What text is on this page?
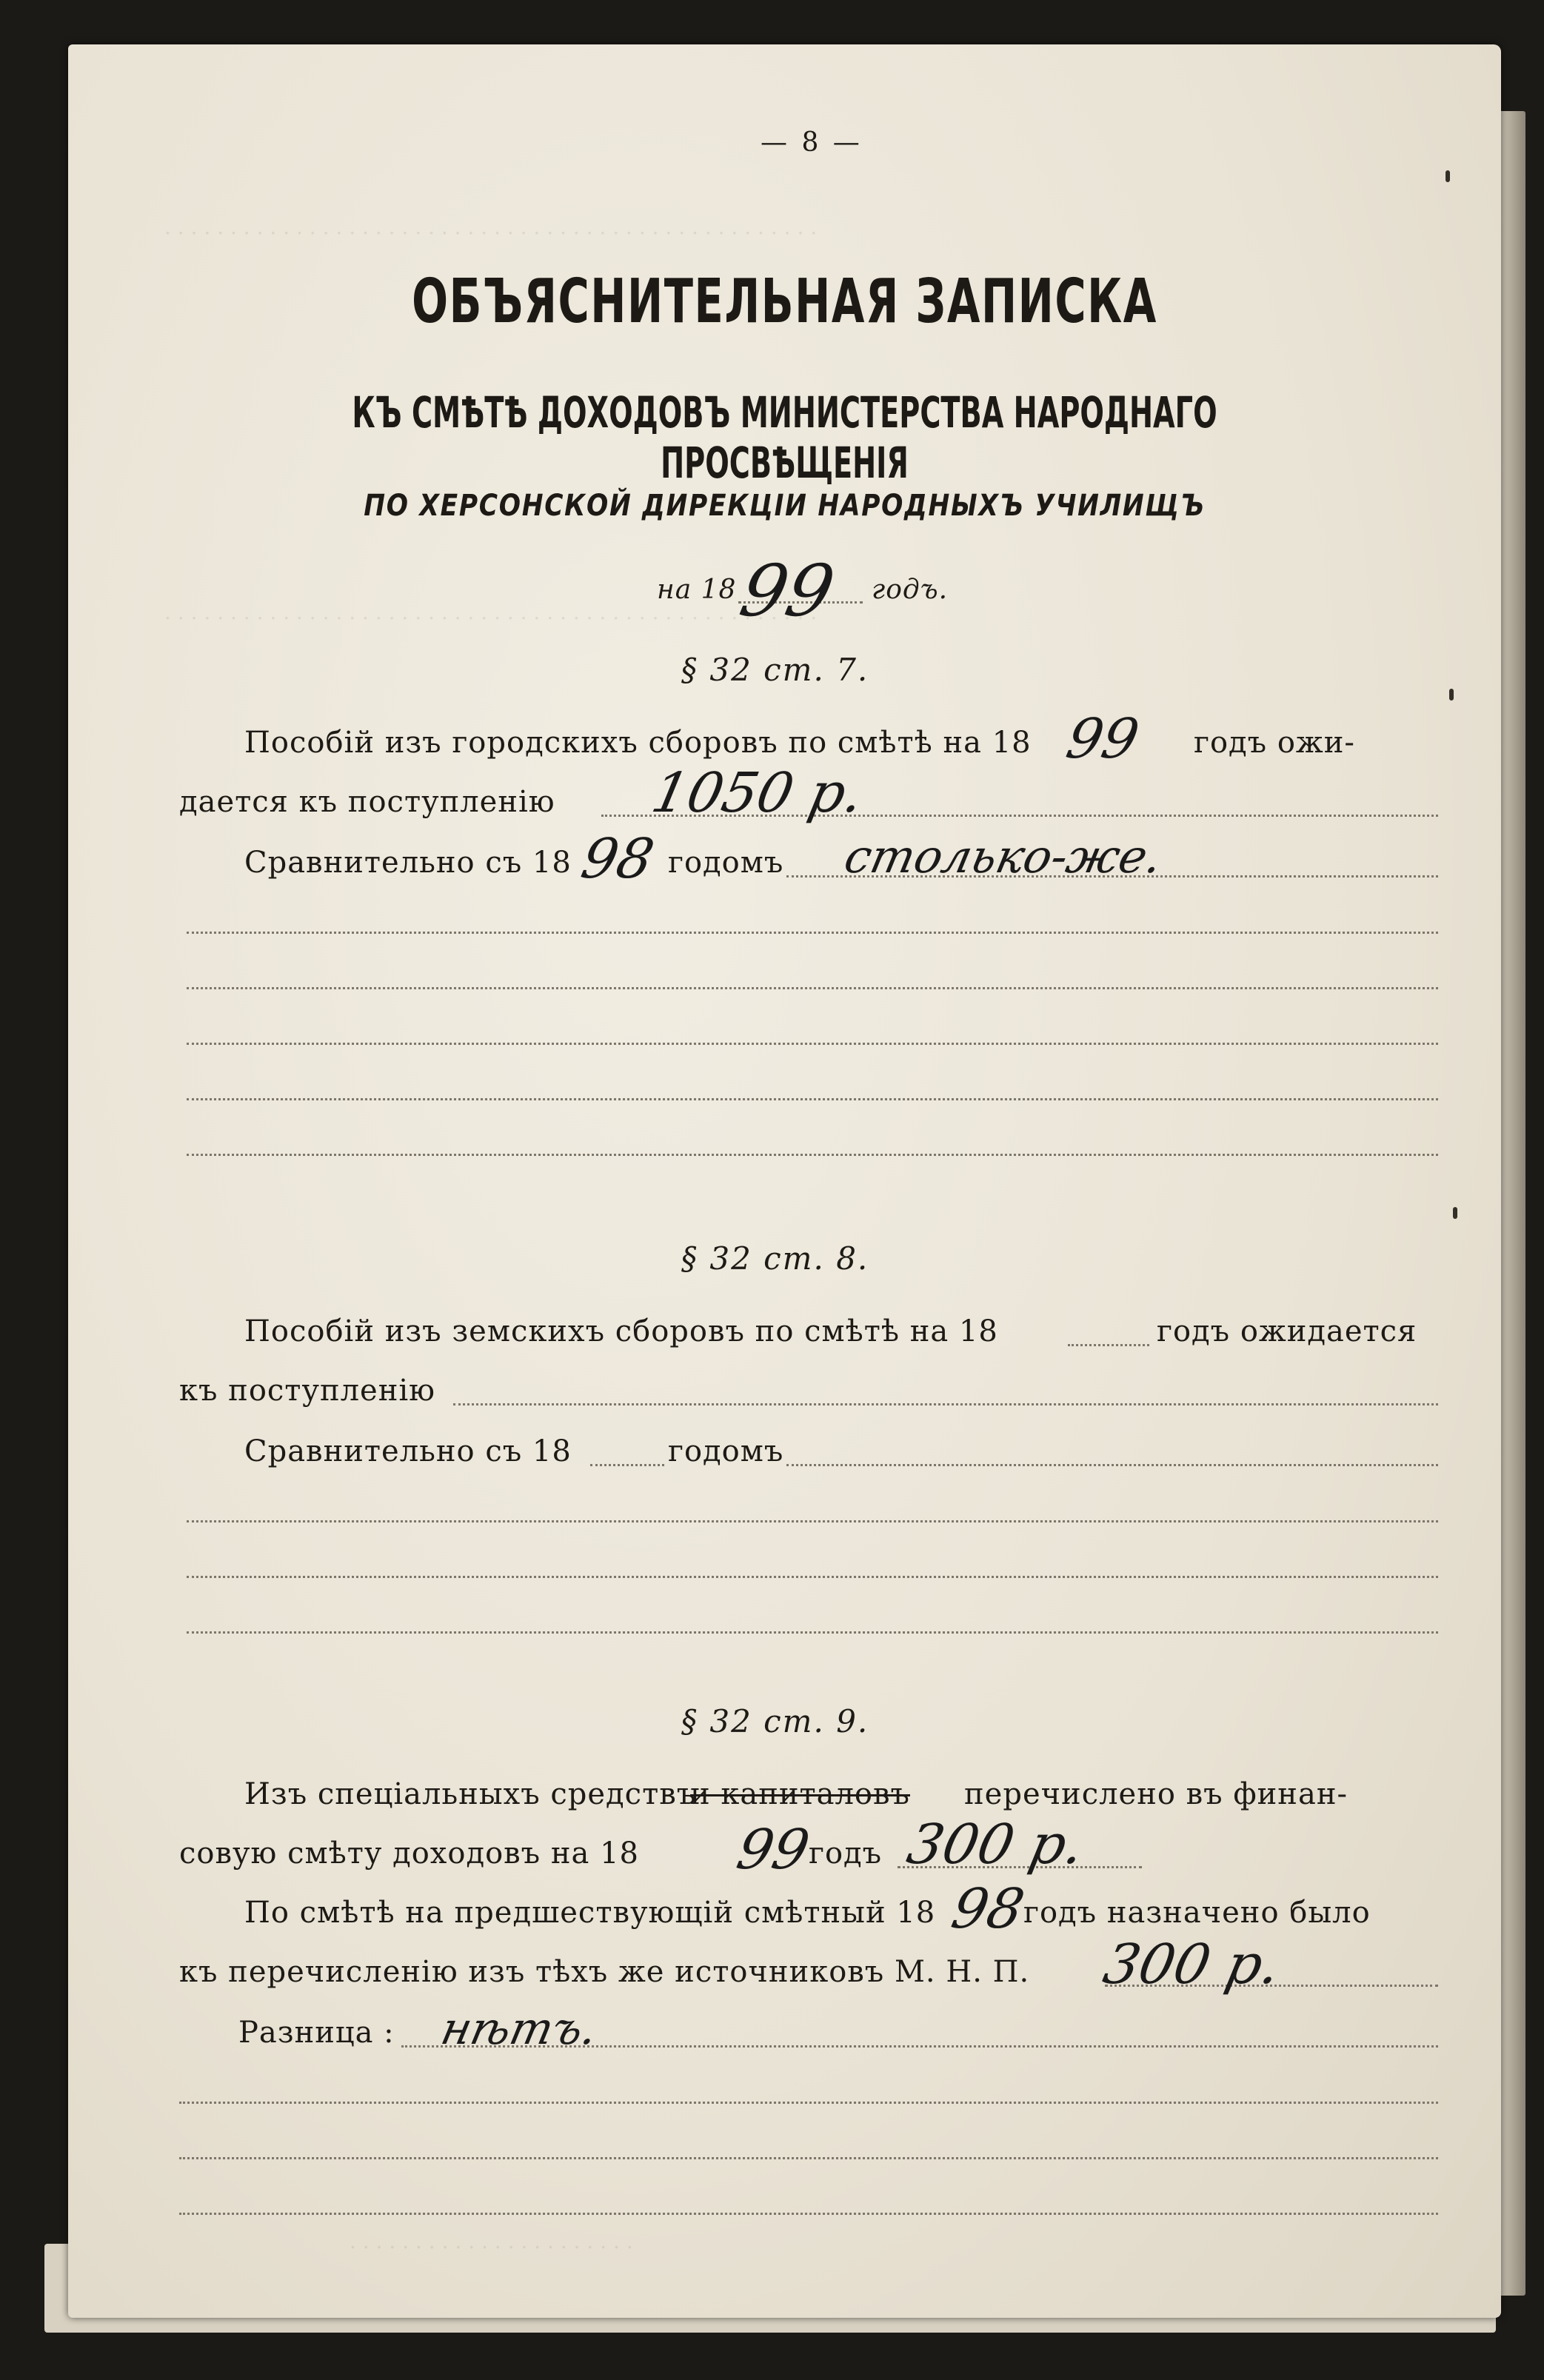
. . . . . . . . . . . . . . . . . . . . . . . . . . . . . . . . . . . . . . . . . . . . . . . . . .
. . . . . . . . . . . . . . . . . . . . . . . . . . . . . . . . . . . . . . . . . . . . . . . . . .
. . . . . . . . . . . . . . . . . . . . . .
— 8 —
ОБЪЯСНИТЕЛЬНАЯ ЗАПИСКА
КЪ СМѢТѢ ДОХОДОВЪ МИНИСТЕРСТВА НАРОДНАГО ПРОСВѢЩЕНІЯ
ПО ХЕРСОНСКОЙ ДИРЕКЦІИ НАРОДНЫХЪ УЧИЛИЩЪ
на 18
99 годъ.
§ 32 ст. 7.
Пособій изъ городскихъ сборовъ по смѣтѣ на 18 99 годъ ожи-
дается къ поступленію 1050 р.
Сравнительно съ 18 98 годомъ столько-же.
§ 32 ст. 8.
Пособій изъ земскихъ сборовъ по смѣтѣ на 18	годъ ожидается
къ поступленію
Сравнительно съ 18	годомъ
§ 32 ст. 9.
Изъ спеціальныхъ средствъ
и капиталовъ перечислено въ финан-
совую смѣту доходовъ на 18 99
годъ 300 р.
По смѣтѣ на предшествующій смѣтный 18 98
годъ назначено было
къ перечисленію изъ тѣхъ же источниковъ М. Н. П. 300 р.
Разница : нѣтъ.
